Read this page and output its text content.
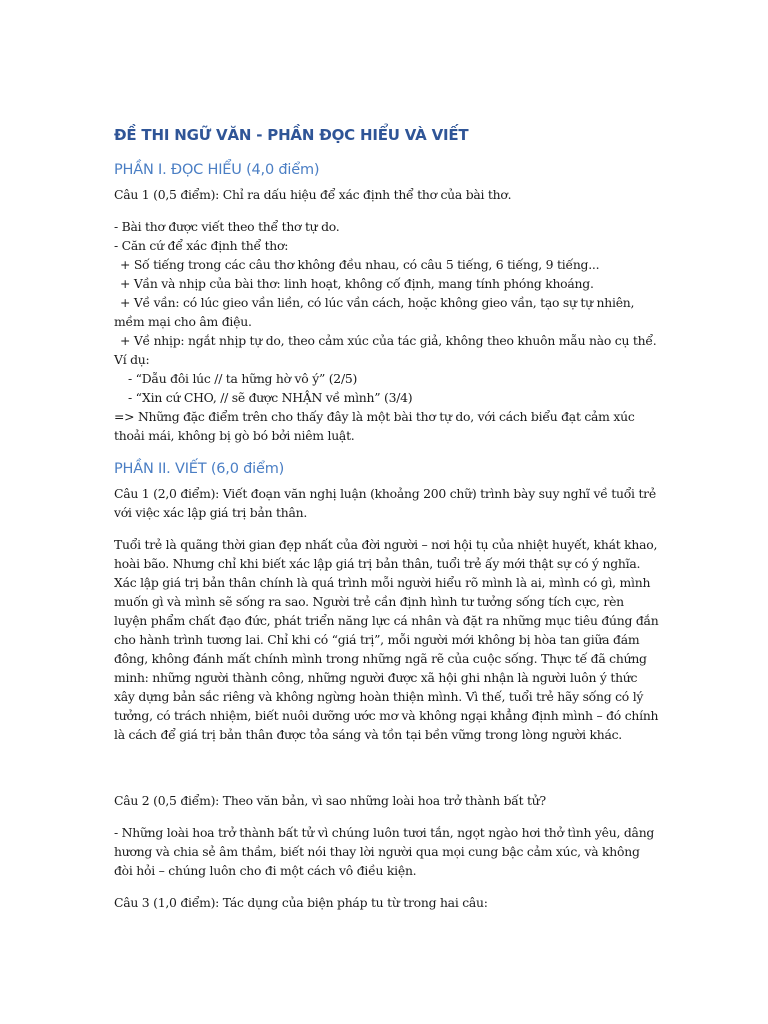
ĐỀ THI NGỮ VĂN - PHẦN ĐỌC HIỂU VÀ VIẾT
PHẦN I. ĐỌC HIỂU (4,0 điểm)
Câu 1 (0,5 điểm): Chỉ ra dấu hiệu để xác định thể thơ của bài thơ.
- Bài thơ được viết theo thể thơ tự do.
- Căn cứ để xác định thể thơ:
+ Số tiếng trong các câu thơ không đều nhau, có câu 5 tiếng, 6 tiếng, 9 tiếng...
+ Vần và nhịp của bài thơ: linh hoạt, không cố định, mang tính phóng khoáng.
+ Về vần: có lúc gieo vần liền, có lúc vần cách, hoặc không gieo vần, tạo sự tự nhiên, mềm mại cho âm điệu.
+ Về nhịp: ngắt nhịp tự do, theo cảm xúc của tác giả, không theo khuôn mẫu nào cụ thể.
Ví dụ:
- “Dẫu đôi lúc // ta hững hờ vô ý” (2/5)
- “Xin cứ CHO, // sẽ được NHẬN về mình” (3/4)
=> Những đặc điểm trên cho thấy đây là một bài thơ tự do, với cách biểu đạt cảm xúc thoải mái, không bị gò bó bởi niêm luật.
PHẦN II. VIẾT (6,0 điểm)
Câu 1 (2,0 điểm): Viết đoạn văn nghị luận (khoảng 200 chữ) trình bày suy nghĩ về tuổi trẻ với việc xác lập giá trị bản thân.
Tuổi trẻ là quãng thời gian đẹp nhất của đời người – nơi hội tụ của nhiệt huyết, khát khao, hoài bão. Nhưng chỉ khi biết xác lập giá trị bản thân, tuổi trẻ ấy mới thật sự có ý nghĩa. Xác lập giá trị bản thân chính là quá trình mỗi người hiểu rõ mình là ai, mình có gì, mình muốn gì và mình sẽ sống ra sao. Người trẻ cần định hình tư tưởng sống tích cực, rèn luyện phẩm chất đạo đức, phát triển năng lực cá nhân và đặt ra những mục tiêu đúng đắn cho hành trình tương lai. Chỉ khi có “giá trị”, mỗi người mới không bị hòa tan giữa đám đông, không đánh mất chính mình trong những ngã rẽ của cuộc sống. Thực tế đã chứng minh: những người thành công, những người được xã hội ghi nhận là người luôn ý thức xây dựng bản sắc riêng và không ngừng hoàn thiện mình. Vì thế, tuổi trẻ hãy sống có lý tưởng, có trách nhiệm, biết nuôi dưỡng ước mơ và không ngại khẳng định mình – đó chính là cách để giá trị bản thân được tỏa sáng và tồn tại bền vững trong lòng người khác.
Câu 2 (0,5 điểm): Theo văn bản, vì sao những loài hoa trở thành bất tử?
- Những loài hoa trở thành bất tử vì chúng luôn tươi tắn, ngọt ngào hơi thở tình yêu, dâng hương và chia sẻ âm thầm, biết nói thay lời người qua mọi cung bậc cảm xúc, và không đòi hỏi – chúng luôn cho đi một cách vô điều kiện.
Câu 3 (1,0 điểm): Tác dụng của biện pháp tu từ trong hai câu:
